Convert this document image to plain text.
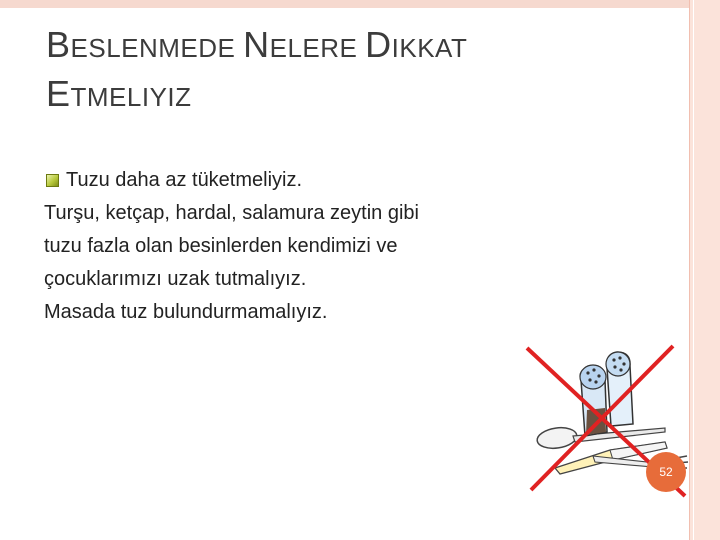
BESLENMEDE NELERE DIKKAT
ETMELIYIZ
Tuzu daha az tüketmeliyiz.
Turşu, ketçap, hardal, salamura zeytin gibi
tuzu fazla olan besinlerden kendimizi ve
çocuklarımızı uzak tutmalıyız.
Masada tuz bulundurmamalıyız.
52
